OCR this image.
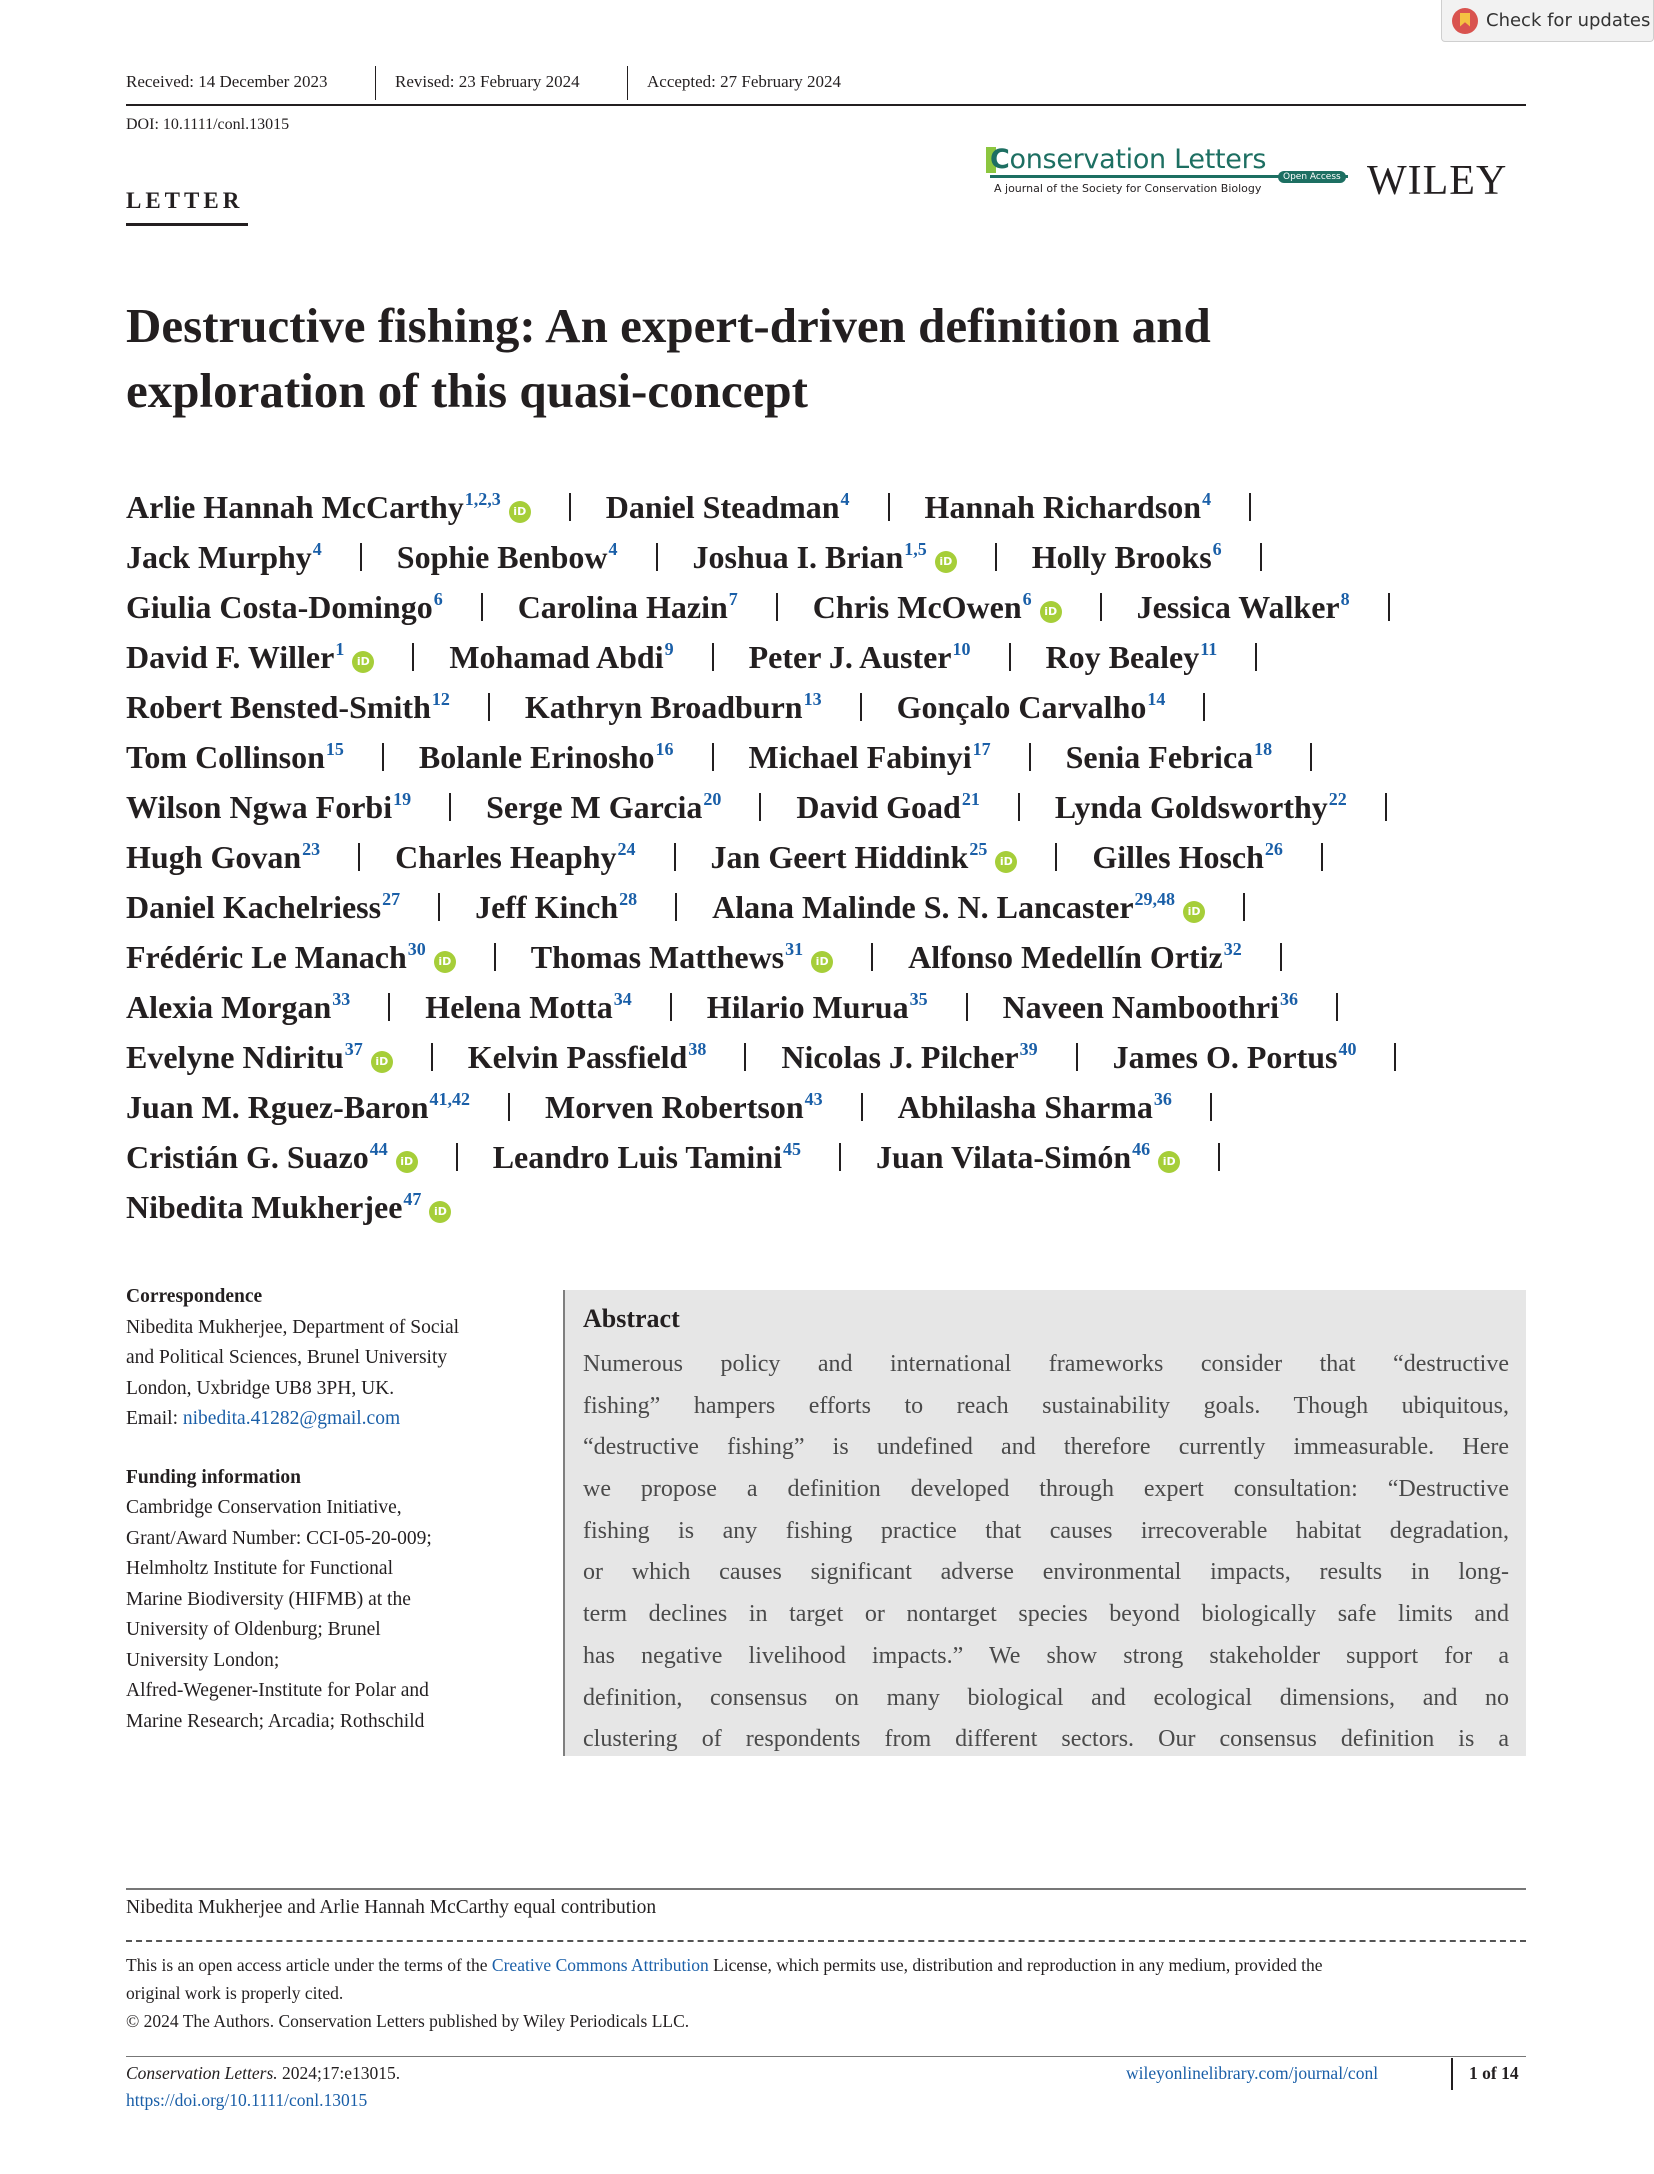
Check for updates
Received: 14 December 2023	Revised: 23 February 2024	Accepted: 27 February 2024
DOI: 10.1111/conl.13015
Conservation Letters
A journal of the Society for Conservation Biology
Open Access WILEY
LETTER
Destructive fishing: An expert-driven definition and
exploration of this quasi-concept
Arlie Hannah McCarthy$^{1,2,3}$iD Daniel Steadman$^4$ Hannah Richardson$^4$
Jack Murphy$^4$ Sophie Benbow$^4$ Joshua I. Brian$^{1,5}$iD Holly Brooks$^6$
Giulia Costa-Domingo$^6$ Carolina Hazin$^7$ Chris McOwen$^6$iD Jessica Walker$^8$
David F. Willer$^1$iD Mohamad Abdi$^9$ Peter J. Auster$^{10}$ Roy Bealey$^{11}$
Robert Bensted-Smith$^{12}$ Kathryn Broadburn$^{13}$ Gonçalo Carvalho$^{14}$
Tom Collinson$^{15}$ Bolanle Erinosho$^{16}$ Michael Fabinyi$^{17}$ Senia Febrica$^{18}$
Wilson Ngwa Forbi$^{19}$ Serge M Garcia$^{20}$ David Goad$^{21}$ Lynda Goldsworthy$^{22}$
Hugh Govan$^{23}$ Charles Heaphy$^{24}$ Jan Geert Hiddink$^{25}$iD Gilles Hosch$^{26}$
Daniel Kachelriess$^{27}$ Jeff Kinch$^{28}$ Alana Malinde S. N. Lancaster$^{29,48}$iD
Frédéric Le Manach$^{30}$iD Thomas Matthews$^{31}$iD Alfonso Medellín Ortiz$^{32}$
Alexia Morgan$^{33}$ Helena Motta$^{34}$ Hilario Murua$^{35}$ Naveen Namboothri$^{36}$
Evelyne Ndiritu$^{37}$iD Kelvin Passfield$^{38}$ Nicolas J. Pilcher$^{39}$ James O. Portus$^{40}$
Juan M. Rguez-Baron$^{41,42}$ Morven Robertson$^{43}$ Abhilasha Sharma$^{36}$
Cristián G. Suazo$^{44}$iD Leandro Luis Tamini$^{45}$ Juan Vilata-Simón$^{46}$iD
Nibedita Mukherjee$^{47}$iD
Correspondence
Nibedita Mukherjee, Department of Social
and Political Sciences, Brunel University
London, Uxbridge UB8 3PH, UK.
Email: nibedita.41282@gmail.com
Funding information
Cambridge Conservation Initiative,
Grant/Award Number: CCI-05-20-009;
Helmholtz Institute for Functional
Marine Biodiversity (HIFMB) at the
University of Oldenburg; Brunel
University London;
Alfred-Wegener-Institute for Polar and
Marine Research; Arcadia; Rothschild
Abstract
Numerous policy and international frameworks consider that “destructive
fishing” hampers efforts to reach sustainability goals. Though ubiquitous,
“destructive fishing” is undefined and therefore currently immeasurable. Here
we propose a definition developed through expert consultation: “Destructive
fishing is any fishing practice that causes irrecoverable habitat degradation,
or which causes significant adverse environmental impacts, results in long-
term declines in target or nontarget species beyond biologically safe limits and
has negative livelihood impacts.” We show strong stakeholder support for a
definition, consensus on many biological and ecological dimensions, and no
clustering of respondents from different sectors. Our consensus definition is a
Nibedita Mukherjee and Arlie Hannah McCarthy equal contribution
This is an open access article under the terms of the Creative Commons Attribution License, which permits use, distribution and reproduction in any medium, provided the
original work is properly cited.
© 2024 The Authors. Conservation Letters published by Wiley Periodicals LLC.
Conservation Letters. 2024;17:e13015.
https://doi.org/10.1111/conl.13015
wileyonlinelibrary.com/journal/conl	1 of 14
